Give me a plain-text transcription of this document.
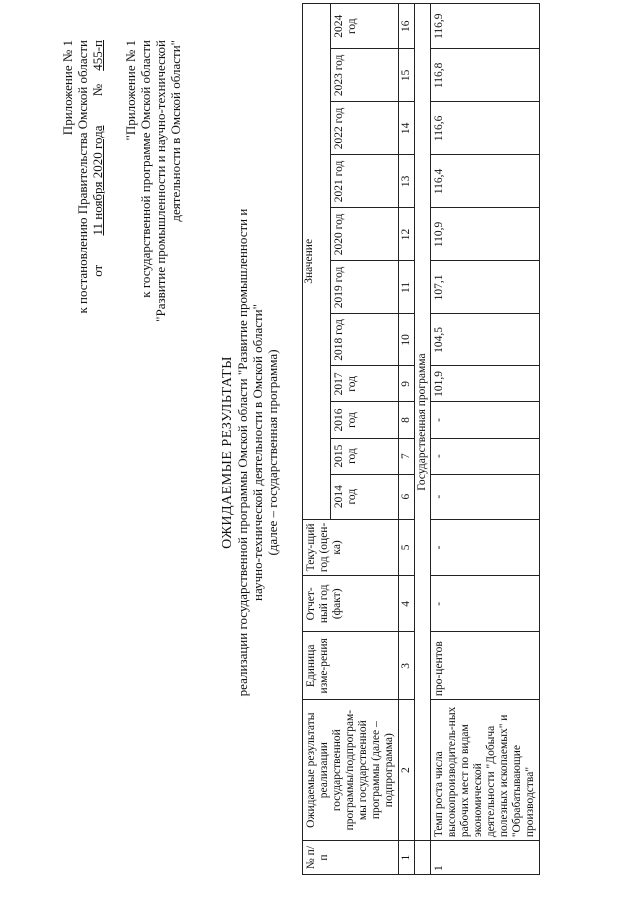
Приложение № 1 к постановлению Правительства Омской области от         11 ноября 2020 года         №    455-п "Приложение № 1 к государственной программе Омской области "Развитие промышленности и научно-технической деятельности в Омской области"
ОЖИДАЕМЫЕ РЕЗУЛЬТАТЫ реализации государственной программы Омской области "Развитие промышленности и научно-технической деятельности в Омской области" (далее – государственная программа)
№ п/п	Ожидаемые результаты реализации государственной программы/подпрограм-мы государственной программы (далее – подпрограмма)	Единица изме-рения	Отчет-ный год (факт)	Теку-щий год (оцен-ка)	Значение										
					2014 год	2015 год	2016 год	2017 год	2018 год	2019 год	2020 год	2021 год	2022 год	2023 год	2024 год
1	2	3	4	5	6	7	8	9	10	11	12	13	14	15	16
	Государственная программа														
1	Темп роста числа высокопроизводитель-ных рабочих мест по видам экономической деятельности "Добыча полезных ископаемых" и "Обрабатывающие производства"	про-центов	-	-	-	-	-	101,9	104,5	107,1	110,9	116,4	116,6	116,8	116,9
